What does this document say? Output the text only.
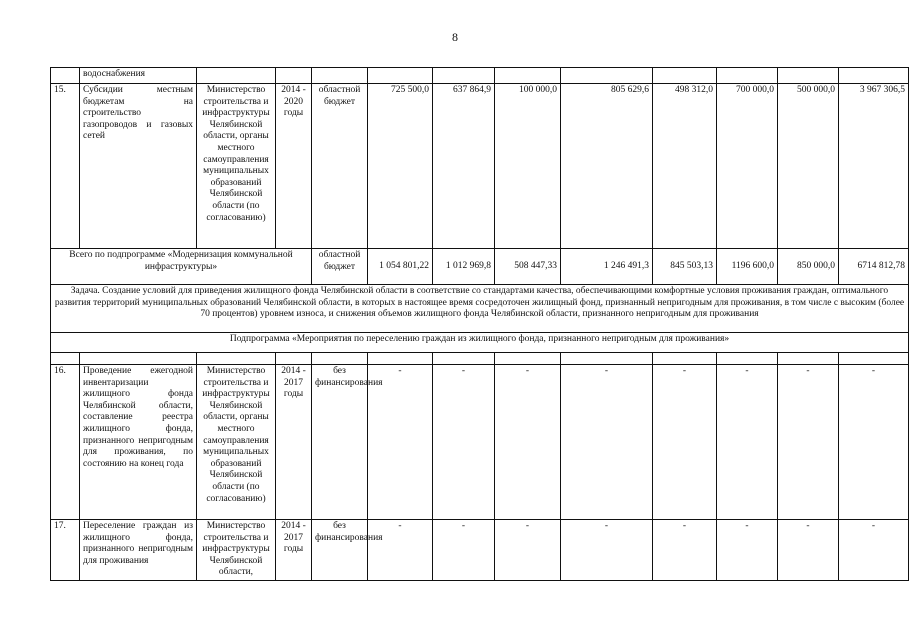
8
	водоснабжения											
15.	Субсидии местным бюджетам на строительство газопроводов и газовых сетей	Министерство строительства и инфраструктуры Челябинской области, органы местного самоуправления муниципальных образований Челябинской области (по согласованию)	2014 - 2020 годы	областной бюджет	725 500,0	637 864,9	100 000,0	805 629,6	498 312,0	700 000,0	500 000,0	3 967 306,5
Всего по подпрограмме «Модернизация коммунальной инфраструктуры»				областной бюджет	1 054 801,22	1 012 969,8	508 447,33	1 246 491,3	845 503,13	1196 600,0	850 000,0	6714 812,78
Задача. Создание условий для приведения жилищного фонда Челябинской области в соответствие со стандартами качества, обеспечивающими комфортные условия проживания граждан, оптимального развития территорий муниципальных образований Челябинской области, в которых в настоящее время сосредоточен жилищный фонд, признанный непригодным для проживания, в том числе с высоким (более 70 процентов) уровнем износа, и снижения объемов жилищного фонда Челябинской области, признанного непригодным для проживания												
Подпрограмма «Мероприятия по переселению граждан из жилищного фонда, признанного непригодным для проживания»												

16.	Проведение ежегодной инвентаризации жилищного фонда Челябинской области, составление реестра жилищного фонда, признанного непригодным для проживания, по состоянию на конец года	Министерство строительства и инфраструктуры Челябинской области, органы местного самоуправления муниципальных образований Челябинской области (по согласованию)	2014 - 2017 годы	без финансирования	-	-	-	-	-	-	-	-
17.	Переселение граждан из жилищного фонда, признанного непригодным для проживания	Министерство строительства и инфраструктуры Челябинской области,	2014 - 2017 годы	без финансирования	-	-	-	-	-	-	-	-
